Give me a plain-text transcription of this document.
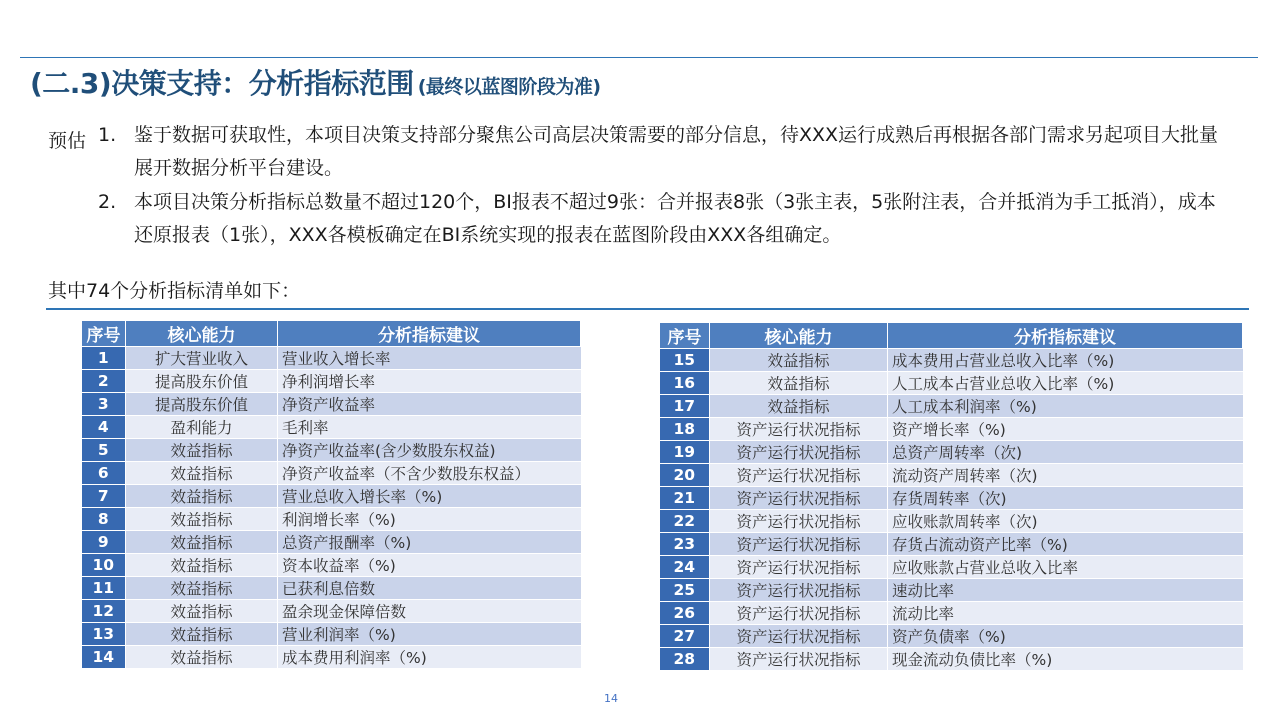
(二.3)决策支持：分析指标范围 (最终以蓝图阶段为准)
预估 1. 鉴于数据可获取性，本项目决策支持部分聚焦公司高层决策需要的部分信息，待XXX运行成熟后再根据各部门需求另起项目大批量展开数据分析平台建设。
2. 本项目决策分析指标总数量不超过120个，BI报表不超过9张：合并报表8张（3张主表，5张附注表，合并抵消为手工抵消），成本还原报表（1张），XXX各模板确定在BI系统实现的报表在蓝图阶段由XXX各组确定。
其中74个分析指标清单如下：
序号	核心能力	分析指标建议
1	扩大营业收入	营业收入增长率
2	提高股东价值	净利润增长率
3	提高股东价值	净资产收益率
4	盈利能力	毛利率
5	效益指标	净资产收益率(含少数股东权益)
6	效益指标	净资产收益率（不含少数股东权益）
7	效益指标	营业总收入增长率（%)
8	效益指标	利润增长率（%)
9	效益指标	总资产报酬率（%)
10	效益指标	资本收益率（%)
11	效益指标	已获利息倍数
12	效益指标	盈余现金保障倍数
13	效益指标	营业利润率（%)
14	效益指标	成本费用利润率（%)
序号	核心能力	分析指标建议
15	效益指标	成本费用占营业总收入比率（%)
16	效益指标	人工成本占营业总收入比率（%)
17	效益指标	人工成本利润率（%)
18	资产运行状况指标	资产增长率（%)
19	资产运行状况指标	总资产周转率（次)
20	资产运行状况指标	流动资产周转率（次)
21	资产运行状况指标	存货周转率（次)
22	资产运行状况指标	应收账款周转率（次)
23	资产运行状况指标	存货占流动资产比率（%)
24	资产运行状况指标	应收账款占营业总收入比率
25	资产运行状况指标	速动比率
26	资产运行状况指标	流动比率
27	资产运行状况指标	资产负债率（%)
28	资产运行状况指标	现金流动负债比率（%)
14
